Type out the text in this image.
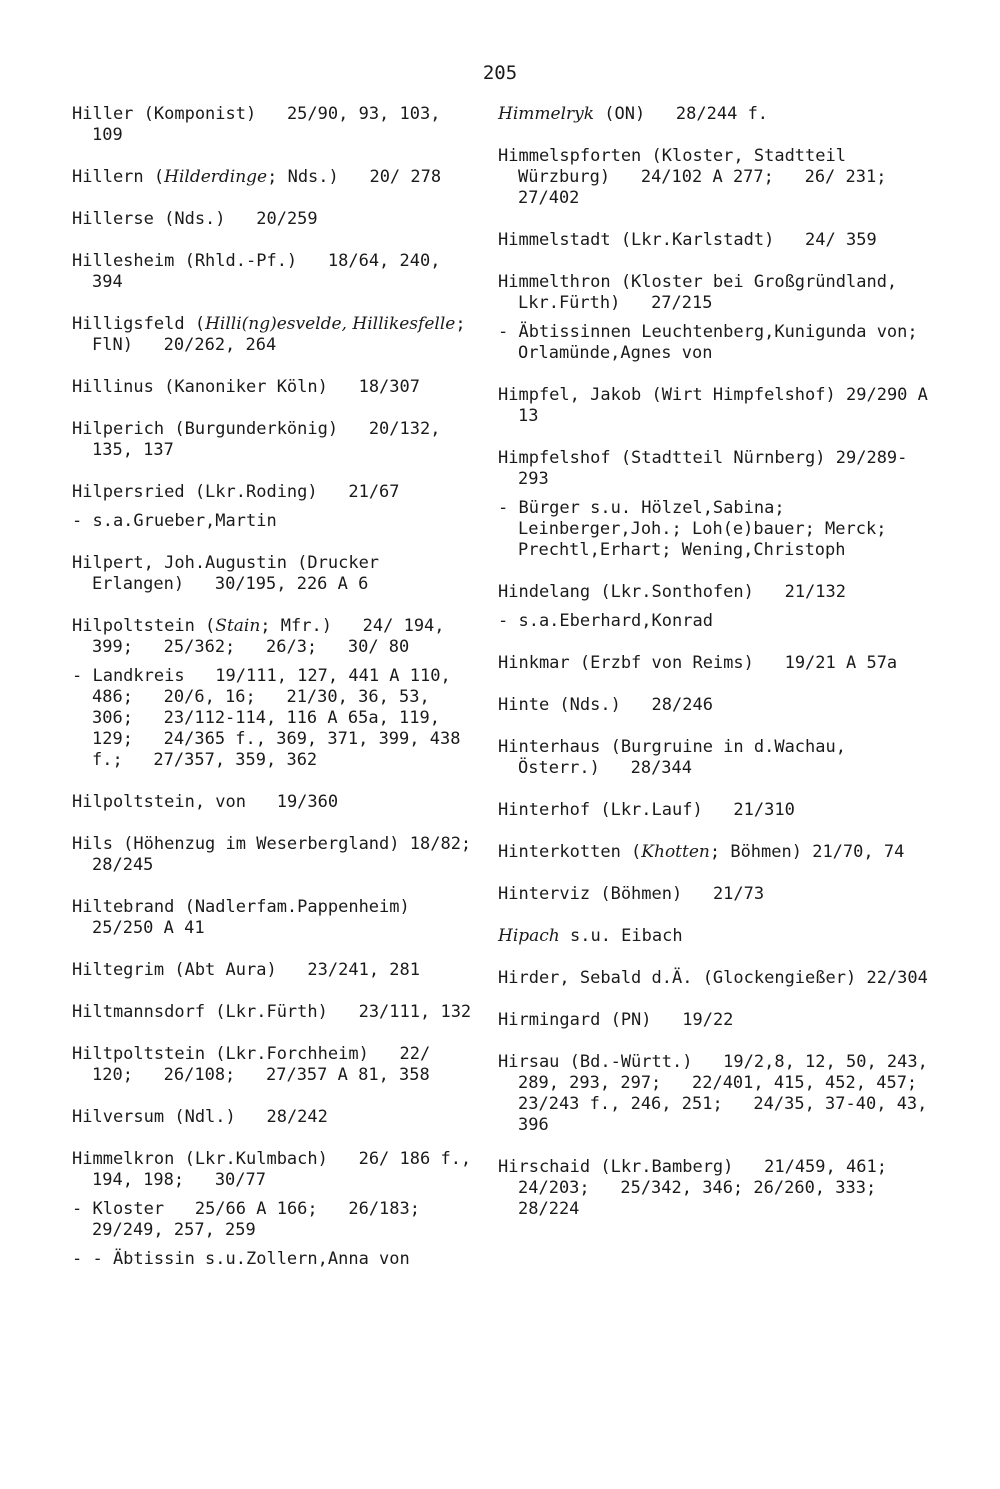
205
Hiller (Komponist)   25/90, 93, 103, 109
Hillern (Hilderdinge; Nds.)   20/ 278
Hillerse (Nds.)   20/259
Hillesheim (Rhld.-Pf.)   18/64, 240, 394
Hilligsfeld (Hilli(ng)esvelde, Hillikesfelle; FlN)   20/262, 264
Hillinus (Kanoniker Köln)   18/307
Hilperich (Burgunderkönig)   20/132, 135, 137
Hilpersried (Lkr.Roding)   21/67
- s.a.Grueber,Martin
Hilpert, Joh.Augustin (Drucker Erlangen)   30/195, 226 A 6
Hilpoltstein (Stain; Mfr.)   24/ 194, 399;   25/362;   26/3;   30/ 80
- Landkreis   19/111, 127, 441 A 110, 486;   20/6, 16;   21/30, 36, 53, 306;   23/112-114, 116 A 65a, 119, 129;   24/365 f., 369, 371, 399, 438 f.;   27/357, 359, 362
Hilpoltstein, von   19/360
Hils (Höhenzug im Weserbergland) 18/82;   28/245
Hiltebrand (Nadlerfam.Pappenheim) 25/250 A 41
Hiltegrim (Abt Aura)   23/241, 281
Hiltmannsdorf (Lkr.Fürth)   23/111, 132
Hiltpoltstein (Lkr.Forchheim)   22/ 120;   26/108;   27/357 A 81, 358
Hilversum (Ndl.)   28/242
Himmelkron (Lkr.Kulmbach)   26/ 186 f., 194, 198;   30/77
- Kloster   25/66 A 166;   26/183; 29/249, 257, 259
- - Äbtissin s.u.Zollern,Anna von
Himmelryk (ON)   28/244 f.
Himmelspforten (Kloster, Stadtteil Würzburg)   24/102 A 277;   26/ 231;   27/402
Himmelstadt (Lkr.Karlstadt)   24/ 359
Himmelthron (Kloster bei Großgründland, Lkr.Fürth)   27/215
- Äbtissinnen Leuchtenberg,Kunigunda von; Orlamünde,Agnes von
Himpfel, Jakob (Wirt Himpfelshof) 29/290 A 13
Himpfelshof (Stadtteil Nürnberg) 29/289-293
- Bürger s.u. Hölzel,Sabina; Leinberger,Joh.; Loh(e)bauer; Merck; Prechtl,Erhart; Wening,Christoph
Hindelang (Lkr.Sonthofen)   21/132
- s.a.Eberhard,Konrad
Hinkmar (Erzbf von Reims)   19/21 A 57a
Hinte (Nds.)   28/246
Hinterhaus (Burgruine in d.Wachau, Österr.)   28/344
Hinterhof (Lkr.Lauf)   21/310
Hinterkotten (Khotten; Böhmen) 21/70, 74
Hinterviz (Böhmen)   21/73
Hipach s.u. Eibach
Hirder, Sebald d.Ä. (Glockengießer) 22/304
Hirmingard (PN)   19/22
Hirsau (Bd.-Württ.)   19/2,8, 12, 50, 243, 289, 293, 297;   22/401, 415, 452, 457;   23/243 f., 246, 251;   24/35, 37-40, 43, 396
Hirschaid (Lkr.Bamberg)   21/459, 461;   24/203;   25/342, 346; 26/260, 333;   28/224
